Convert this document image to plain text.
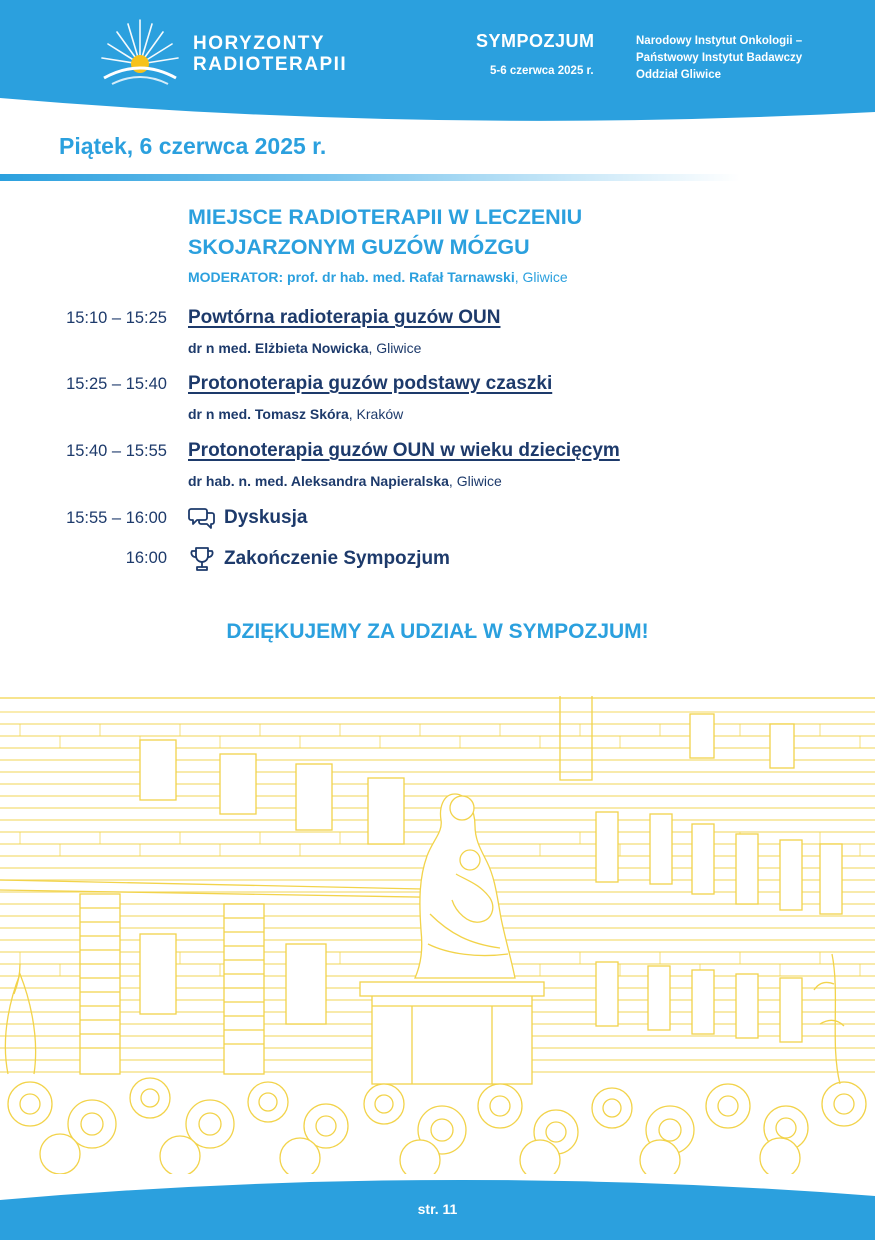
HORYZONTY
RADIOTERAPII
SYMPOZJUM
5-6 czerwca 2025 r.
Narodowy Instytut Onkologii –
Państwowy Instytut Badawczy
Oddział Gliwice
Piątek, 6 czerwca 2025 r.
MIEJSCE RADIOTERAPII W LECZENIU
SKOJARZONYM GUZÓW MÓZGU
MODERATOR: prof. dr hab. med. Rafał Tarnawski, Gliwice
15:10 – 15:25 Powtórna radioterapia guzów OUN
dr n med. Elżbieta Nowicka, Gliwice
15:25 – 15:40 Protonoterapia guzów podstawy czaszki
dr n med. Tomasz Skóra, Kraków
15:40 – 15:55 Protonoterapia guzów OUN w wieku dziecięcym
dr hab. n. med. Aleksandra Napieralska, Gliwice
15:55 – 16:00	Dyskusja
16:00	Zakończenie Sympozjum
DZIĘKUJEMY ZA UDZIAŁ W SYMPOZJUM!
str. 11
